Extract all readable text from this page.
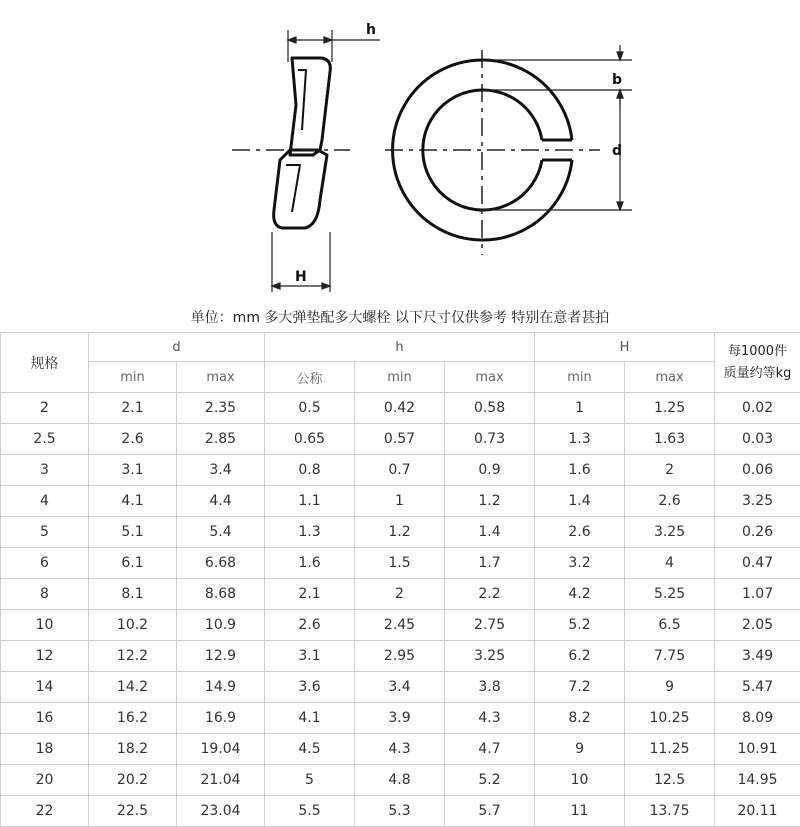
h
H
b
d
单位：mm 多大弹垫配多大螺栓 以下尺寸仅供参考 特别在意者甚拍
规格	d		h			H		每1000件
质量约等kg

	min	max	公称	min	max	min	max	
2	2.1	2.35	0.5	0.42	0.58	1	1.25	0.02
2.5	2.6	2.85	0.65	0.57	0.73	1.3	1.63	0.03
3	3.1	3.4	0.8	0.7	0.9	1.6	2	0.06
4	4.1	4.4	1.1	1	1.2	1.4	2.6	3.25
5	5.1	5.4	1.3	1.2	1.4	2.6	3.25	0.26
6	6.1	6.68	1.6	1.5	1.7	3.2	4	0.47
8	8.1	8.68	2.1	2	2.2	4.2	5.25	1.07
10	10.2	10.9	2.6	2.45	2.75	5.2	6.5	2.05
12	12.2	12.9	3.1	2.95	3.25	6.2	7.75	3.49
14	14.2	14.9	3.6	3.4	3.8	7.2	9	5.47
16	16.2	16.9	4.1	3.9	4.3	8.2	10.25	8.09
18	18.2	19.04	4.5	4.3	4.7	9	11.25	10.91
20	20.2	21.04	5	4.8	5.2	10	12.5	14.95
22	22.5	23.04	5.5	5.3	5.7	11	13.75	20.11
